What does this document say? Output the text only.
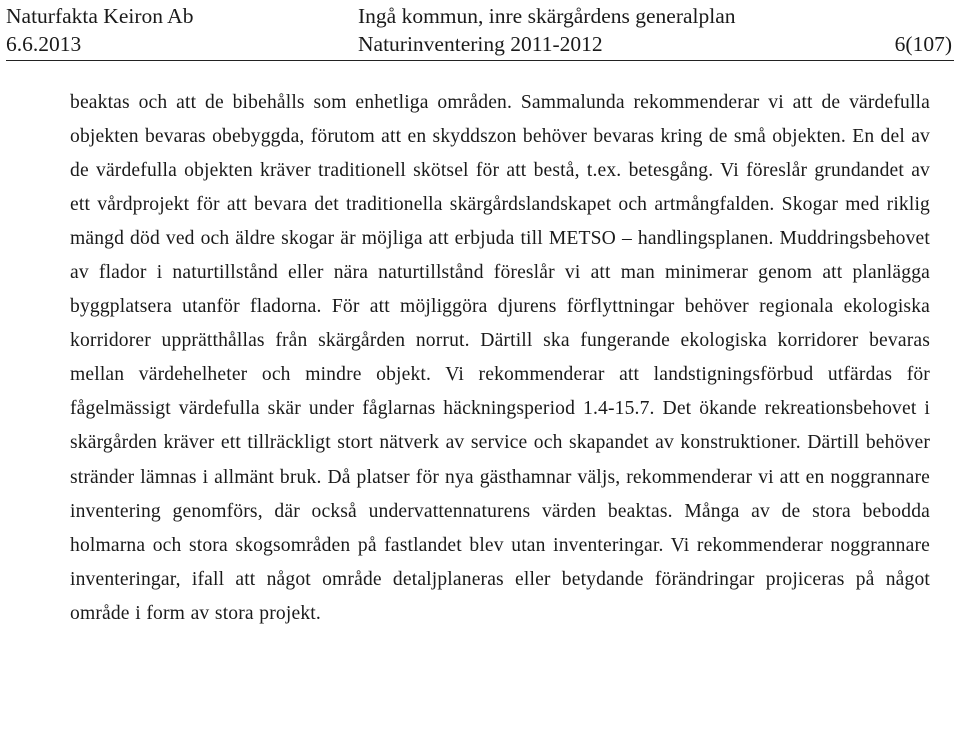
Naturfakta Keiron Ab
6.6.2013
Ingå kommun, inre skärgårdens generalplan
Naturinventering 2011-2012	6(107)

beaktas och att de bibehålls som enhetliga områden. Sammalunda rekommenderar vi att de värdefulla objekten bevaras obebyggda, förutom att en skyddszon behöver bevaras kring de små objekten. En del av de värdefulla objekten kräver traditionell skötsel för att bestå, t.ex. betesgång. Vi föreslår grundandet av ett vårdprojekt för att bevara det traditionella skärgårdslandskapet och artmångfalden. Skogar med riklig mängd död ved och äldre skogar är möjliga att erbjuda till METSO – handlingsplanen. Muddringsbehovet av flador i naturtillstånd eller nära naturtillstånd föreslår vi att man minimerar genom att planlägga byggplatsera utanför fladorna. För att möjliggöra djurens förflyttningar behöver regionala ekologiska korridorer upprätthållas från skärgården norrut. Därtill ska fungerande ekologiska korridorer bevaras mellan värdehelheter och mindre objekt. Vi rekommenderar att landstigningsförbud utfärdas för fågelmässigt värdefulla skär under fåglarnas häckningsperiod 1.4-15.7. Det ökande rekreationsbehovet i skärgården kräver ett tillräckligt stort nätverk av service och skapandet av konstruktioner. Därtill behöver stränder lämnas i allmänt bruk. Då platser för nya gästhamnar väljs, rekommenderar vi att en noggrannare inventering genomförs, där också undervattennaturens värden beaktas. Många av de stora bebodda holmarna och stora skogsområden på fastlandet blev utan inventeringar. Vi rekommenderar noggrannare inventeringar, ifall att något område detaljplaneras eller betydande förändringar projiceras på något område i form av stora projekt.
